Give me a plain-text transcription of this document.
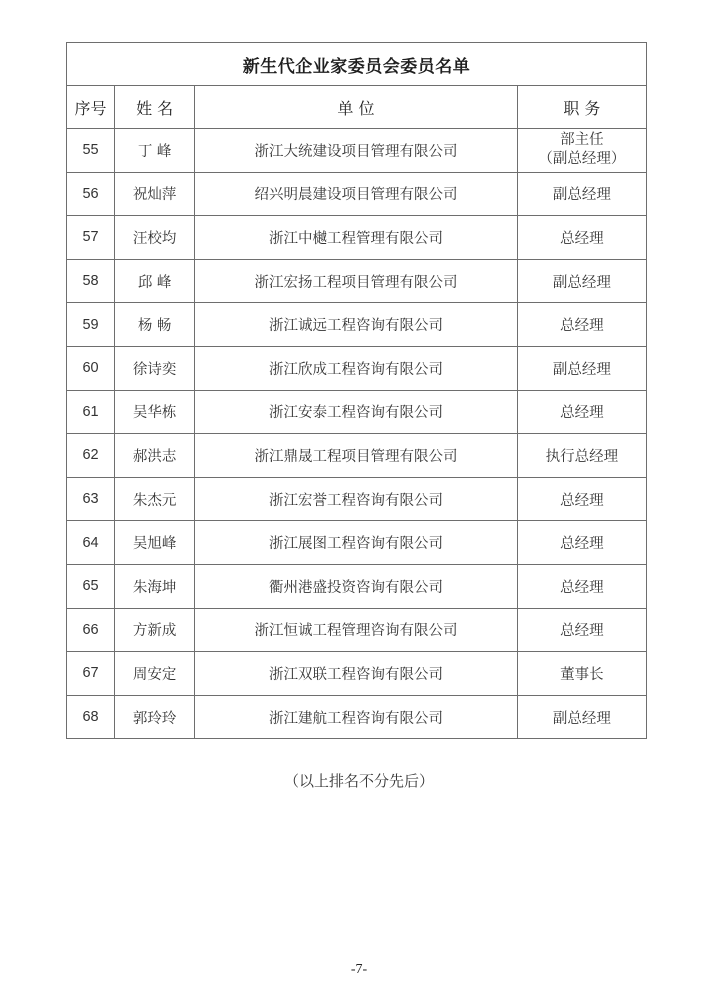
新生代企业家委员会委员名单			
序号	姓 名	单 位	职 务
55	丁 峰	浙江大统建设项目管理有限公司	部主任
（副总经理）

56	祝灿萍	绍兴明晨建设项目管理有限公司	副总经理
57	汪校均	浙江中樾工程管理有限公司	总经理
58	邱 峰	浙江宏扬工程项目管理有限公司	副总经理
59	杨 畅	浙江诚远工程咨询有限公司	总经理
60	徐诗奕	浙江欣成工程咨询有限公司	副总经理
61	吴华栋	浙江安泰工程咨询有限公司	总经理
62	郝洪志	浙江鼎晟工程项目管理有限公司	执行总经理
63	朱杰元	浙江宏誉工程咨询有限公司	总经理
64	吴旭峰	浙江展图工程咨询有限公司	总经理
65	朱海坤	衢州港盛投资咨询有限公司	总经理
66	方新成	浙江恒诚工程管理咨询有限公司	总经理
67	周安定	浙江双联工程咨询有限公司	董事长
68	郭玲玲	浙江建航工程咨询有限公司	副总经理
（以上排名不分先后）
-7-
